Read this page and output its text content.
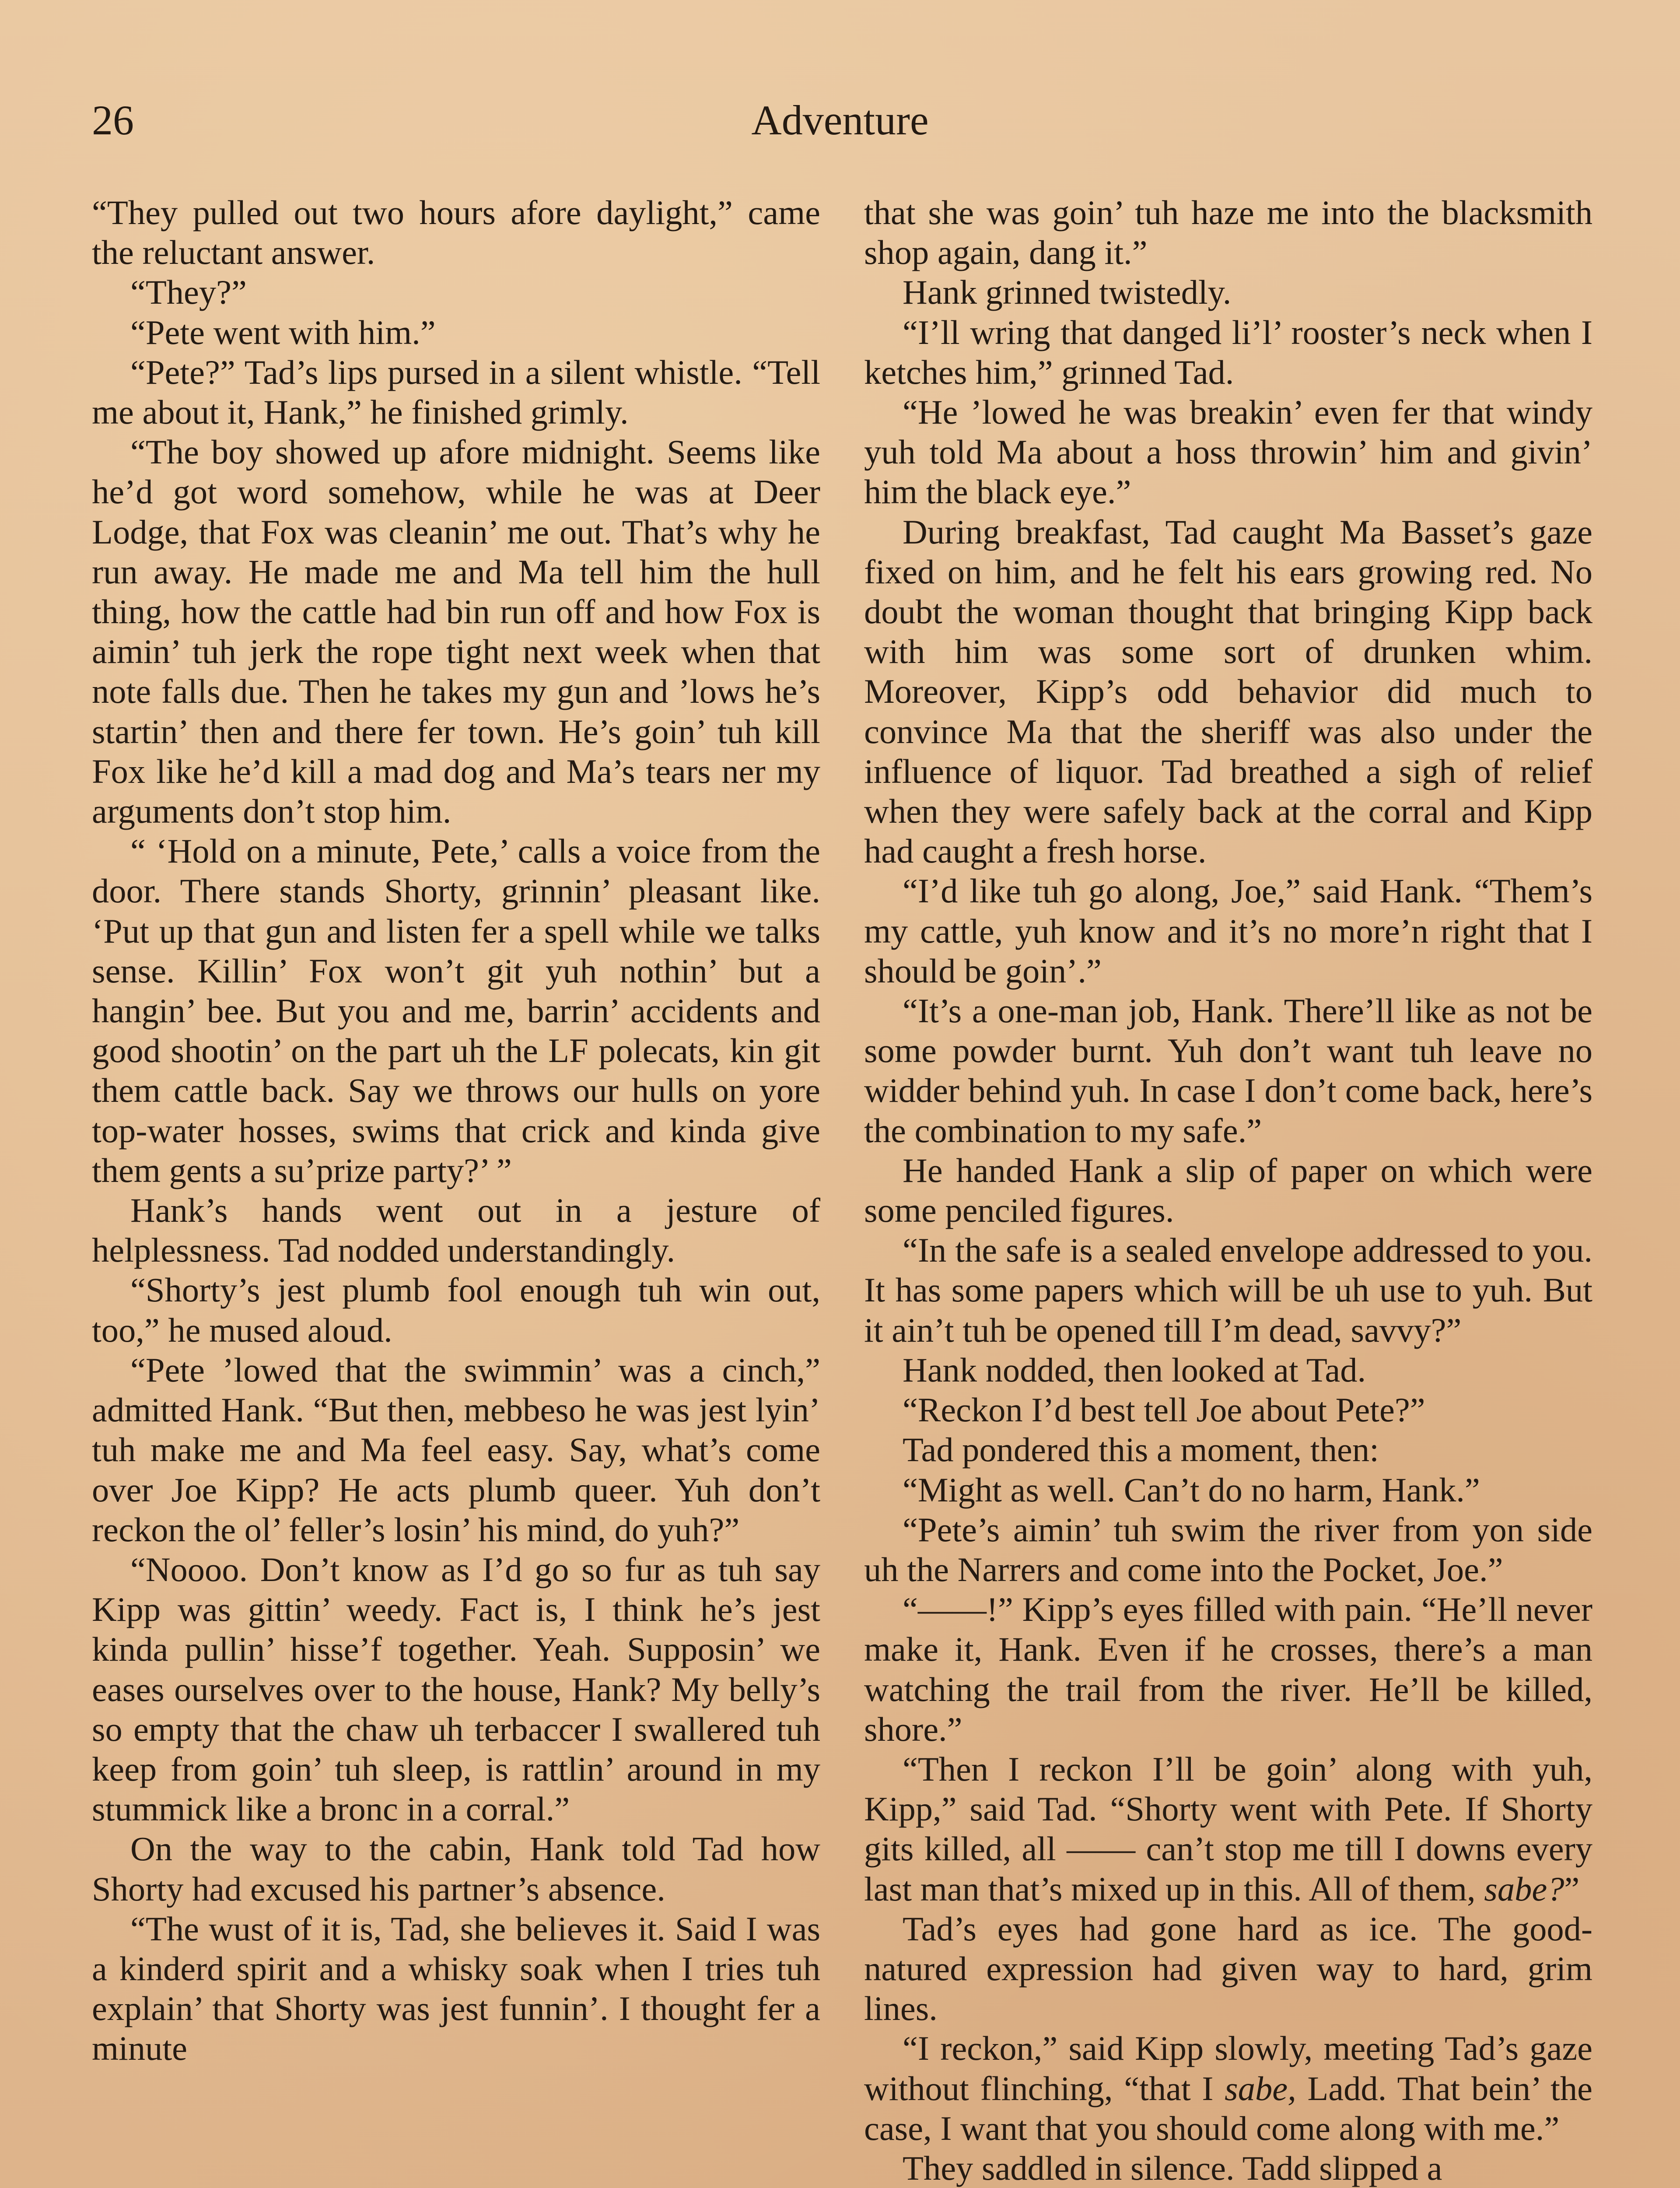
26	Adventure

“They pulled out two hours afore daylight,” came the reluctant answer.

“They?”

“Pete went with him.”

“Pete?” Tad’s lips pursed in a silent whistle. “Tell me about it, Hank,” he finished grimly.

“The boy showed up afore midnight. Seems like he’d got word somehow, while he was at Deer Lodge, that Fox was cleanin’ me out. That’s why he run away. He made me and Ma tell him the hull thing, how the cattle had bin run off and how Fox is aimin’ tuh jerk the rope tight next week when that note falls due. Then he takes my gun and ’lows he’s startin’ then and there fer town. He’s goin’ tuh kill Fox like he’d kill a mad dog and Ma’s tears ner my arguments don’t stop him.

“ ‘Hold on a minute, Pete,’ calls a voice from the door. There stands Shorty, grinnin’ pleasant like. ‘Put up that gun and listen fer a spell while we talks sense. Killin’ Fox won’t git yuh nothin’ but a hangin’ bee. But you and me, barrin’ accidents and good shootin’ on the part uh the LF polecats, kin git them cattle back. Say we throws our hulls on yore top-water hosses, swims that crick and kinda give them gents a su’prize party?’ ”

Hank’s hands went out in a jesture of helplessness. Tad nodded understandingly.

“Shorty’s jest plumb fool enough tuh win out, too,” he mused aloud.

“Pete ’lowed that the swimmin’ was a cinch,” admitted Hank. “But then, mebbeso he was jest lyin’ tuh make me and Ma feel easy. Say, what’s come over Joe Kipp? He acts plumb queer. Yuh don’t reckon the ol’ feller’s losin’ his mind, do yuh?”

“Noooo. Don’t know as I’d go so fur as tuh say Kipp was gittin’ weedy. Fact is, I think he’s jest kinda pullin’ hisse’f together. Yeah. Supposin’ we eases ourselves over to the house, Hank? My belly’s so empty that the chaw uh terbaccer I swallered tuh keep from goin’ tuh sleep, is rattlin’ around in my stummick like a bronc in a corral.”

On the way to the cabin, Hank told Tad how Shorty had excused his partner’s absence.

“The wust of it is, Tad, she believes it. Said I was a kinderd spirit and a whisky soak when I tries tuh explain’ that Shorty was jest funnin’. I thought fer a minute

that she was goin’ tuh haze me into the blacksmith shop again, dang it.”

Hank grinned twistedly.

“I’ll wring that danged li’l’ rooster’s neck when I ketches him,” grinned Tad.

“He ’lowed he was breakin’ even fer that windy yuh told Ma about a hoss throwin’ him and givin’ him the black eye.”

During breakfast, Tad caught Ma Basset’s gaze fixed on him, and he felt his ears growing red. No doubt the woman thought that bringing Kipp back with him was some sort of drunken whim. Moreover, Kipp’s odd behavior did much to convince Ma that the sheriff was also under the influence of liquor. Tad breathed a sigh of relief when they were safely back at the corral and Kipp had caught a fresh horse.

“I’d like tuh go along, Joe,” said Hank. “Them’s my cattle, yuh know and it’s no more’n right that I should be goin’.”

“It’s a one-man job, Hank. There’ll like as not be some powder burnt. Yuh don’t want tuh leave no widder behind yuh. In case I don’t come back, here’s the combination to my safe.”

He handed Hank a slip of paper on which were some penciled figures.

“In the safe is a sealed envelope addressed to you. It has some papers which will be uh use to yuh. But it ain’t tuh be opened till I’m dead, savvy?”

Hank nodded, then looked at Tad.

“Reckon I’d best tell Joe about Pete?”

Tad pondered this a moment, then:

“Might as well. Can’t do no harm, Hank.”

“Pete’s aimin’ tuh swim the river from yon side uh the Narrers and come into the Pocket, Joe.”

“——!” Kipp’s eyes filled with pain. “He’ll never make it, Hank. Even if he crosses, there’s a man watching the trail from the river. He’ll be killed, shore.”

“Then I reckon I’ll be goin’ along with yuh, Kipp,” said Tad. “Shorty went with Pete. If Shorty gits killed, all —— can’t stop me till I downs every last man that’s mixed up in this. All of them, sabe?”

Tad’s eyes had gone hard as ice. The good-natured expression had given way to hard, grim lines.

“I reckon,” said Kipp slowly, meeting Tad’s gaze without flinching, “that I sabe, Ladd. That bein’ the case, I want that you should come along with me.”

They saddled in silence. Tadd slipped a
